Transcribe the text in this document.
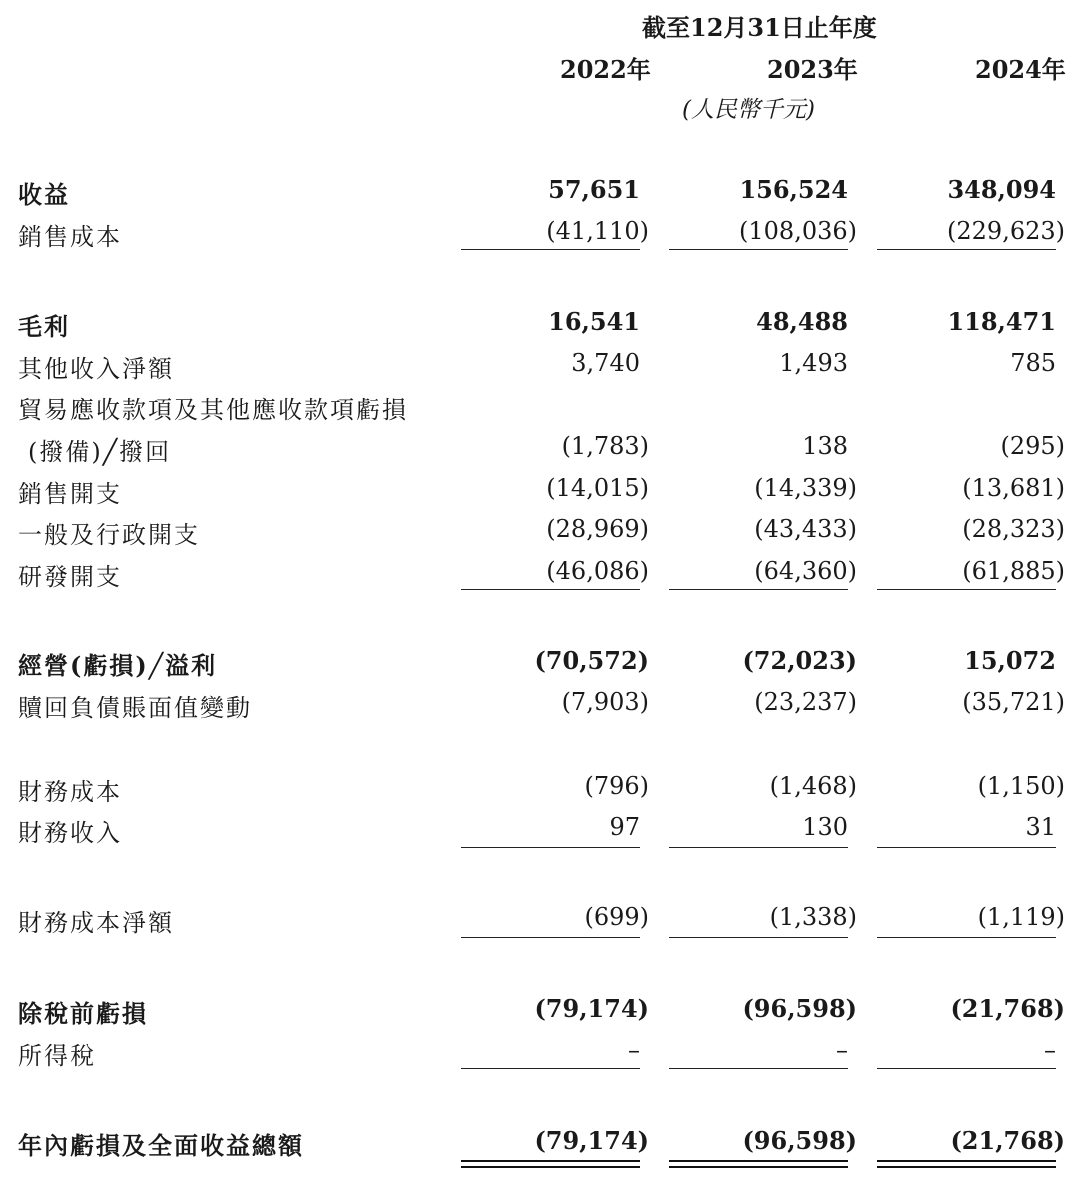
截至12月31日止年度
2022年	2023年	2024年
(人民幣千元)
收益	57,651	156,524	348,094
銷售成本	(41,110)	(108,036)	(229,623)
毛利	16,541	48,488	118,471
其他收入淨額	3,740	1,493	785
貿易應收款項及其他應收款項虧損
(撥備)╱撥回	(1,783)	138	(295)
銷售開支	(14,015)	(14,339)	(13,681)
一般及行政開支	(28,969)	(43,433)	(28,323)
研發開支	(46,086)	(64,360)	(61,885)
經營(虧損)╱溢利	(70,572)	(72,023)	15,072
贖回負債賬面值變動	(7,903)	(23,237)	(35,721)
財務成本	(796)	(1,468)	(1,150)
財務收入	97	130	31
財務成本淨額	(699)	(1,338)	(1,119)
除稅前虧損	(79,174)	(96,598)	(21,768)
所得稅	–	–	–
年內虧損及全面收益總額	(79,174)	(96,598)	(21,768)
